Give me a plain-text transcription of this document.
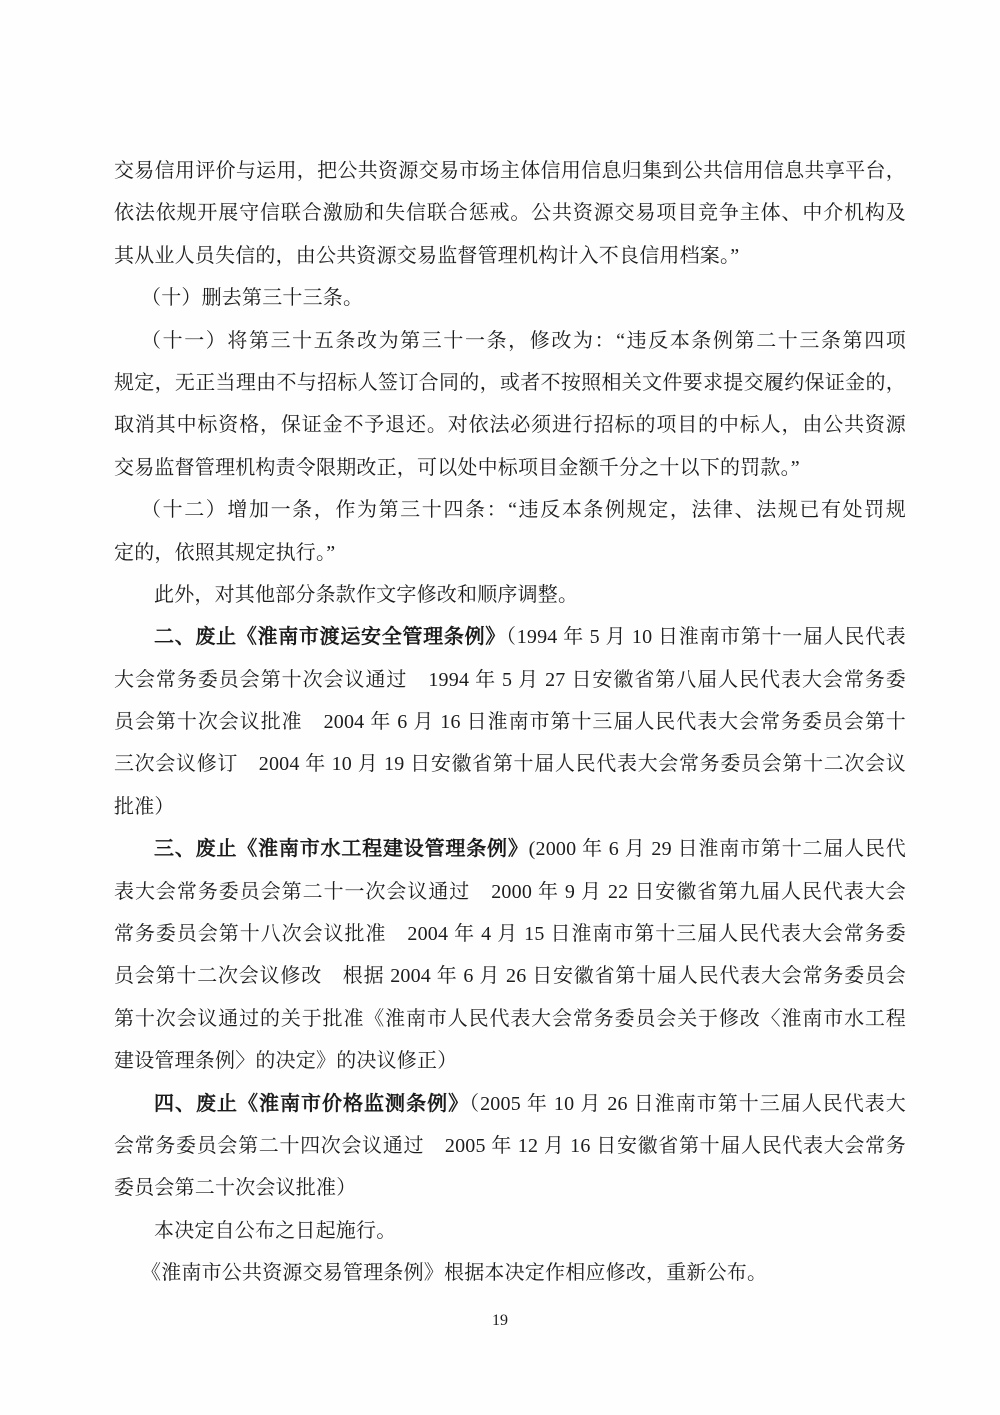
交易信用评价与运用，把公共资源交易市场主体信用信息归集到公共信用信息共享平台，
依法依规开展守信联合激励和失信联合惩戒。公共资源交易项目竞争主体、中介机构及
其从业人员失信的，由公共资源交易监督管理机构计入不良信用档案。”
（十）删去第三十三条。
（十一）将第三十五条改为第三十一条，修改为：“违反本条例第二十三条第四项
规定，无正当理由不与招标人签订合同的，或者不按照相关文件要求提交履约保证金的，
取消其中标资格，保证金不予退还。对依法必须进行招标的项目的中标人，由公共资源
交易监督管理机构责令限期改正，可以处中标项目金额千分之十以下的罚款。”
（十二）增加一条，作为第三十四条：“违反本条例规定，法律、法规已有处罚规
定的，依照其规定执行。”
此外，对其他部分条款作文字修改和顺序调整。
二、废止《淮南市渡运安全管理条例》（1994 年 5 月 10 日淮南市第十一届人民代表
大会常务委员会第十次会议通过　1994 年 5 月 27 日安徽省第八届人民代表大会常务委
员会第十次会议批准　2004 年 6 月 16 日淮南市第十三届人民代表大会常务委员会第十
三次会议修订　2004 年 10 月 19 日安徽省第十届人民代表大会常务委员会第十二次会议
批准）
三、废止《淮南市水工程建设管理条例》(2000 年 6 月 29 日淮南市第十二届人民代
表大会常务委员会第二十一次会议通过　2000 年 9 月 22 日安徽省第九届人民代表大会
常务委员会第十八次会议批准　2004 年 4 月 15 日淮南市第十三届人民代表大会常务委
员会第十二次会议修改　根据 2004 年 6 月 26 日安徽省第十届人民代表大会常务委员会
第十次会议通过的关于批准《淮南市人民代表大会常务委员会关于修改〈淮南市水工程
建设管理条例〉的决定》的决议修正）
四、废止《淮南市价格监测条例》（2005 年 10 月 26 日淮南市第十三届人民代表大
会常务委员会第二十四次会议通过　2005 年 12 月 16 日安徽省第十届人民代表大会常务
委员会第二十次会议批准）
本决定自公布之日起施行。
《淮南市公共资源交易管理条例》根据本决定作相应修改，重新公布。
19
